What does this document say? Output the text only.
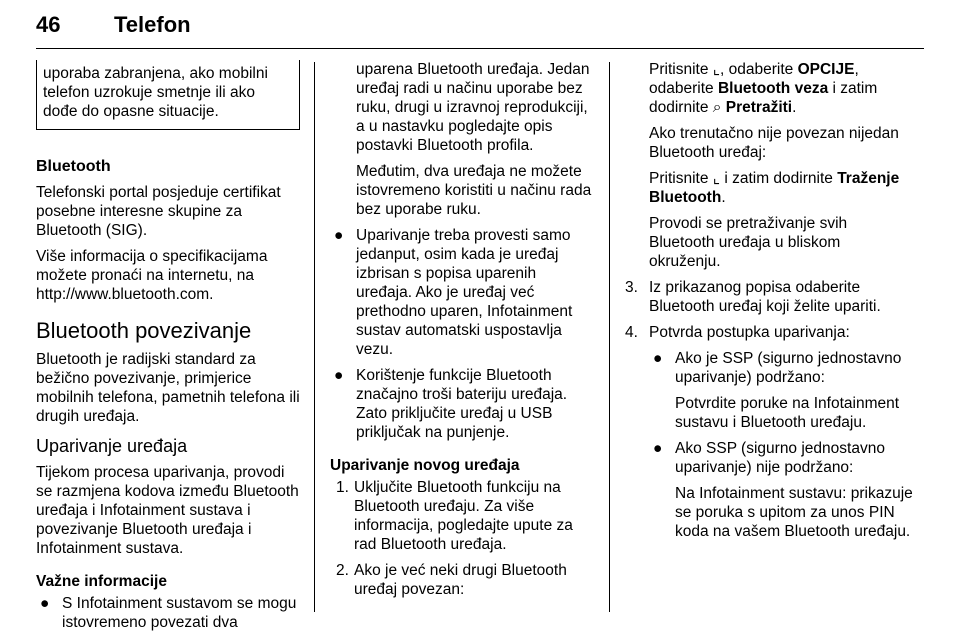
46 Telefon
uporaba zabranjena, ako mobilni telefon uzrokuje smetnje ili ako dođe do opasne situacije.
Bluetooth

Telefonski portal posjeduje certifikat posebne interesne skupine za Bluetooth (SIG).

Više informacija o specifikacijama možete pronaći na internetu, na http://www.bluetooth.com.

Bluetooth povezivanje

Bluetooth je radijski standard za bežično povezivanje, primjerice mobilnih telefona, pametnih telefona ili drugih uređaja.

Uparivanje uređaja

Tijekom procesa uparivanja, provodi se razmjena kodova između Bluetooth uređaja i Infotainment sustava i povezivanje Bluetooth uređaja i Infotainment sustava.

Važne informacije
● S Infotainment sustavom se mogu istovremeno povezati dva

uparena Bluetooth uređaja. Jedan uređaj radi u načinu uporabe bez ruku, drugi u izravnoj reprodukciji, a u nastavku pogledajte opis postavki Bluetooth profila.

Međutim, dva uređaja ne možete istovremeno koristiti u načinu rada bez uporabe ruku.

● Uparivanje treba provesti samo jedanput, osim kada je uređaj izbrisan s popisa uparenih uređaja. Ako je uređaj već prethodno uparen, Infotainment sustav automatski uspostavlja vezu.
● Korištenje funkcije Bluetooth značajno troši bateriju uređaja. Zato priključite uređaj u USB priključak na punjenje.
Uparivanje novog uređaja
1. Uključite Bluetooth funkciju na Bluetooth uređaju. Za više informacija, pogledajte upute za rad Bluetooth uređaja.
2. Ako je već neki drugi Bluetooth uređaj povezan:

Pritisnite ⌞, odaberite OPCIJE, odaberite Bluetooth veza i zatim dodirnite ⌕ Pretražiti.

Ako trenutačno nije povezan nijedan Bluetooth uređaj:

Pritisnite ⌞ i zatim dodirnite Traženje Bluetooth.

Provodi se pretraživanje svih Bluetooth uređaja u bliskom okruženju.

3. Iz prikazanog popisa odaberite Bluetooth uređaj koji želite upariti.
4. Potvrda postupka uparivanja:
● Ako je SSP (sigurno jednostavno uparivanje) podržano:

Potvrdite poruke na Infotainment sustavu i Bluetooth uređaju.

● Ako SSP (sigurno jednostavno uparivanje) nije podržano:

Na Infotainment sustavu: prikazuje se poruka s upitom za unos PIN koda na vašem Bluetooth uređaju.
